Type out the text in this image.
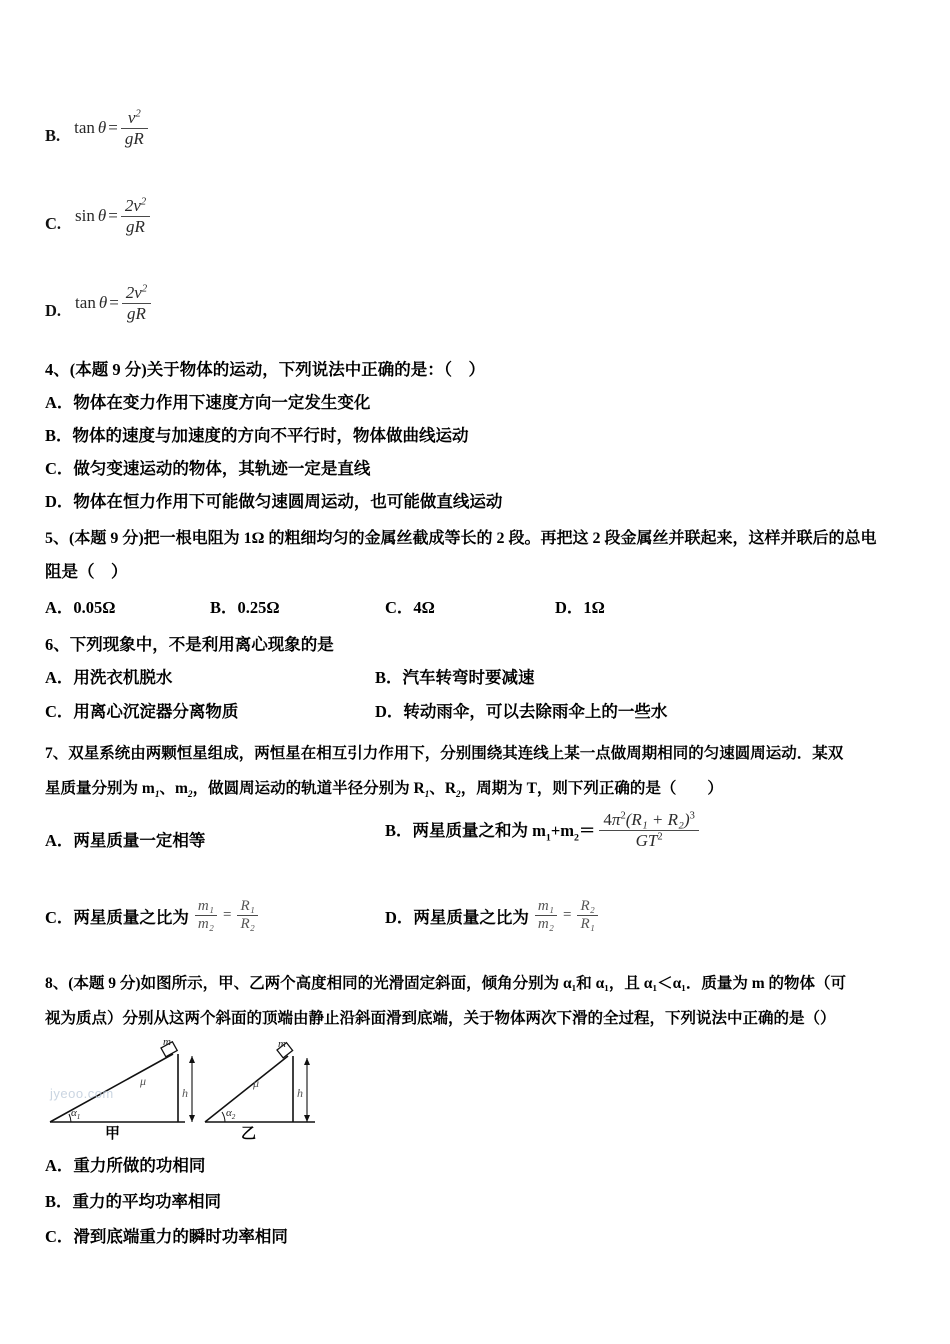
B. $\tan \theta = \frac{v^2}{gR}$
C. $\sin \theta = \frac{2v^2}{gR}$
D. $\tan \theta = \frac{2v^2}{gR}$
4、(本题 9 分)关于物体的运动，下列说法中正确的是：（　）
A．物体在变力作用下速度方向一定发生变化
B．物体的速度与加速度的方向不平行时，物体做曲线运动
C．做匀变速运动的物体，其轨迹一定是直线
D．物体在恒力作用下可能做匀速圆周运动，也可能做直线运动
5、(本题 9 分)把一根电阻为 1Ω 的粗细均匀的金属丝截成等长的 2 段。再把这 2 段金属丝并联起来，这样并联后的总电
阻是（　）
A．0.05Ω	B．0.25Ω	C．4Ω	D．1Ω
6、下列现象中，不是利用离心现象的是
A．用洗衣机脱水	B．汽车转弯时要减速
C．用离心沉淀器分离物质	D．转动雨伞，可以去除雨伞上的一些水
7、双星系统由两颗恒星组成，两恒星在相互引力作用下，分别围绕其连线上某一点做周期相同的匀速圆周运动．某双
星质量分别为 $m_1$、$m_2$，做圆周运动的轨道半径分别为 $R_1$、$R_2$，周期为 T，则下列正确的是（　　）
A．两星质量一定相等
B．两星质量之和为 $m_1+m_2= \frac{4\pi^2(R_1 + R_2)^3}{GT^2}$
C．两星质量之比为 $\frac{\text{m₁}}{\text{m₂}} = \frac{\text{R₁}}{\text{R₂}}$	D．两星质量之比为 $\frac{\text{m₁}}{\text{m₂}} = \frac{\text{R₂}}{\text{R₁}}$
8、(本题 9 分)如图所示，甲、乙两个高度相同的光滑固定斜面，倾角分别为 α₁和 α₁，且 α₁＜α₁．质量为 m 的物体（可
视为质点）分别从这两个斜面的顶端由静止沿斜面滑到底端，关于物体两次下滑的全过程，下列说法中正确的是（）
m
μ
h
$\alpha_1$
m
μ
h
$\alpha_2$
jyeoo.com
甲	乙
A．重力所做的功相同
B．重力的平均功率相同
C．滑到底端重力的瞬时功率相同
